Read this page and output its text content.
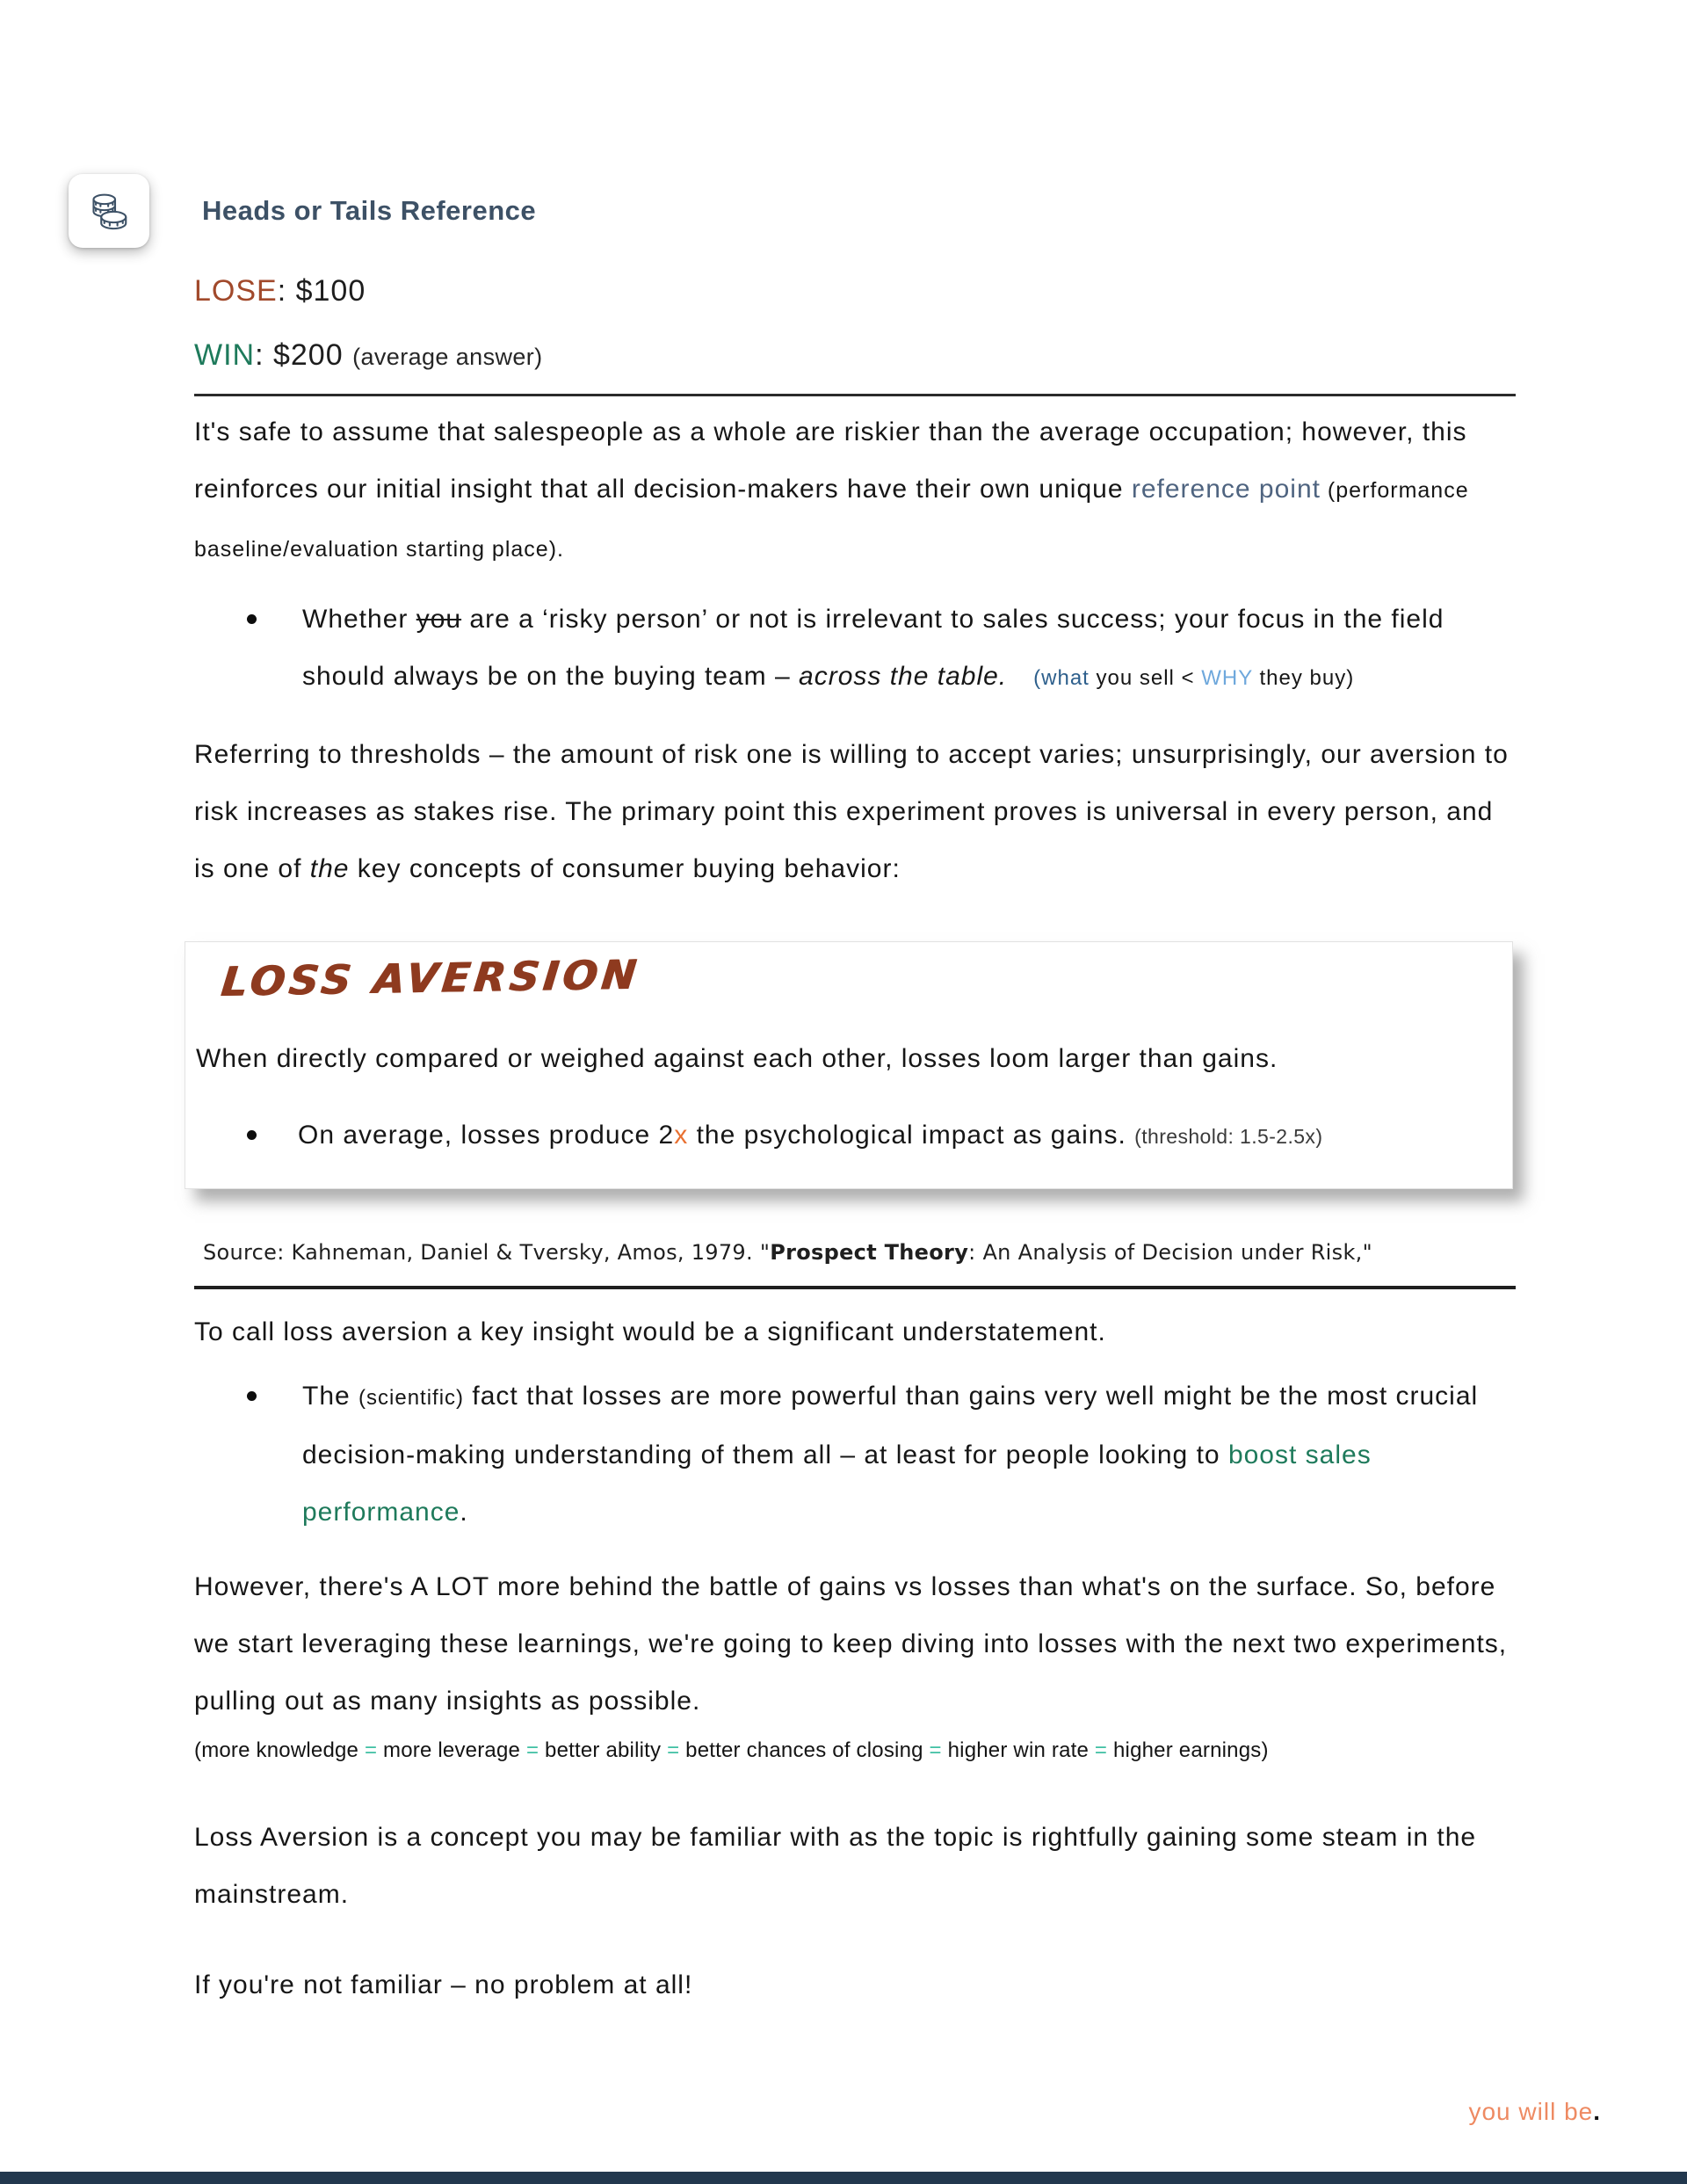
Heads or Tails Reference
LOSE: $100
WIN: $200 (average answer)

It's safe to assume that salespeople as a whole are riskier than the average occupation; however, this reinforces our initial insight that all decision-makers have their own unique reference point (performance baseline/evaluation starting place).

Whether you are a ‘risky person’ or not is irrelevant to sales success; your focus in the field should always be on the buying team – across the table. (what you sell < WHY they buy)

Referring to thresholds – the amount of risk one is willing to accept varies; unsurprisingly, our aversion to risk increases as stakes rise. The primary point this experiment proves is universal in every person, and is one of the key concepts of consumer buying behavior:

LOSS AVERSION

When directly compared or weighed against each other, losses loom larger than gains.

On average, losses produce 2x the psychological impact as gains. (threshold: 1.5-2.5x)

Source: Kahneman, Daniel & Tversky, Amos, 1979. "Prospect Theory: An Analysis of Decision under Risk,"

To call loss aversion a key insight would be a significant understatement.

The (scientific) fact that losses are more powerful than gains very well might be the most crucial decision-making understanding of them all – at least for people looking to boost sales performance.

However, there's A LOT more behind the battle of gains vs losses than what's on the surface. So, before we start leveraging these learnings, we're going to keep diving into losses with the next two experiments, pulling out as many insights as possible.

(more knowledge = more leverage = better ability = better chances of closing = higher win rate = higher earnings)

Loss Aversion is a concept you may be familiar with as the topic is rightfully gaining some steam in the mainstream.

If you're not familiar – no problem at all!

you will be.
